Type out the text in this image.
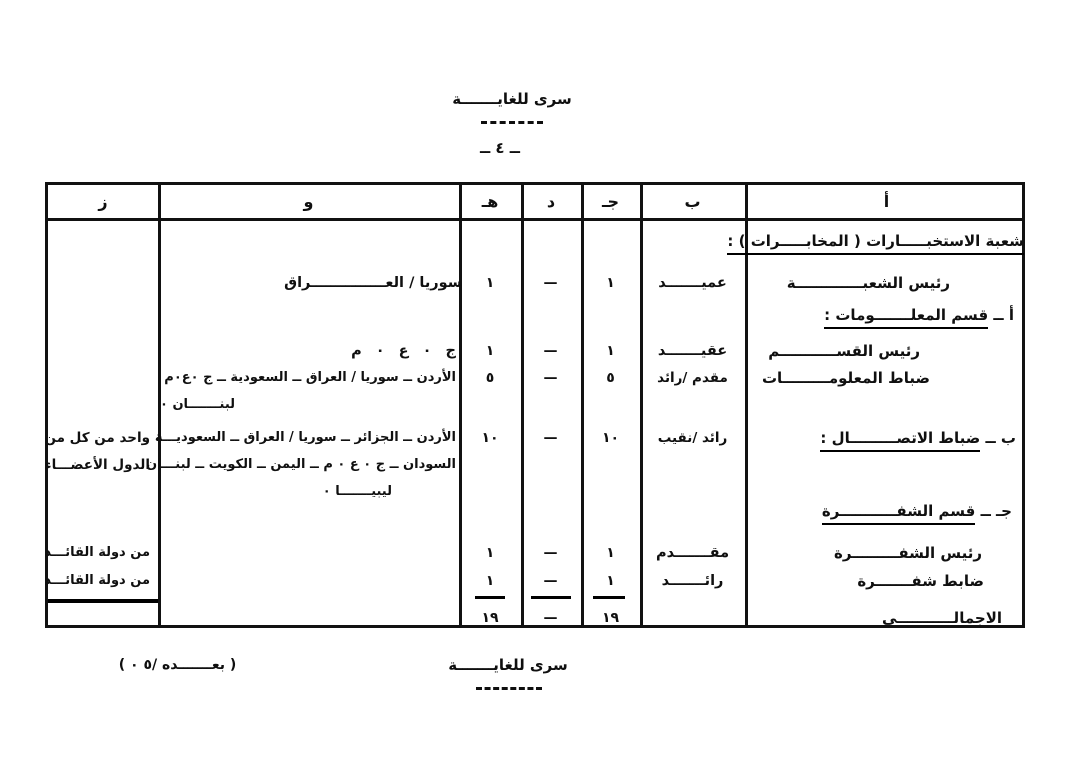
سرى للغايـــــــة
ــ ٤ ــ
أ
ب
جـ
د
هـ
و
ز
شعبة الاستخبـــــارات ( المخابـــــرات ) :
رئيس الشعبـــــــــــــة
أ ــ قسم المعلـــــــومات :
رئيس القســـــــــــم
ضباط المعلومـــــــــات
ب ــ ضباط الاتصـــــــــال :
جـ ــ قسم الشفـــــــــــرة
رئيس الشفـــــــــرة
ضابط شفـــــــرة
الاجمالـــــــــــى
عميـــــــد
عقيـــــــد
مقدم /رائد
رائد /نقيب
مقـــــــدم
رائـــــــد
١
١
٥
١٠
١
١
١٩
—
—
—
—
—
—
—
١
١
٥
١٠
١
١
١٩
سوريا / العـــــــــــــــراق
ج ٠ ع ٠ م
الأردن ــ سوريا / العراق ــ السعودية ــ ج ٠ع٠م
لبنـــــــان ٠
الأردن ــ الجزائر ــ سوريا / العراق ــ السعوديـــة
السودان ــ ج ٠ ع ٠ م ــ اليمن ــ الكويت ــ لبنـــان
ليبيـــــــا ٠
واحد من كل من
الدول الأعضـــاء
من دولة القائـــد
من دولة القائـــد
سرى للغايـــــــة
( بعـــــــده /٥ ٠ )
